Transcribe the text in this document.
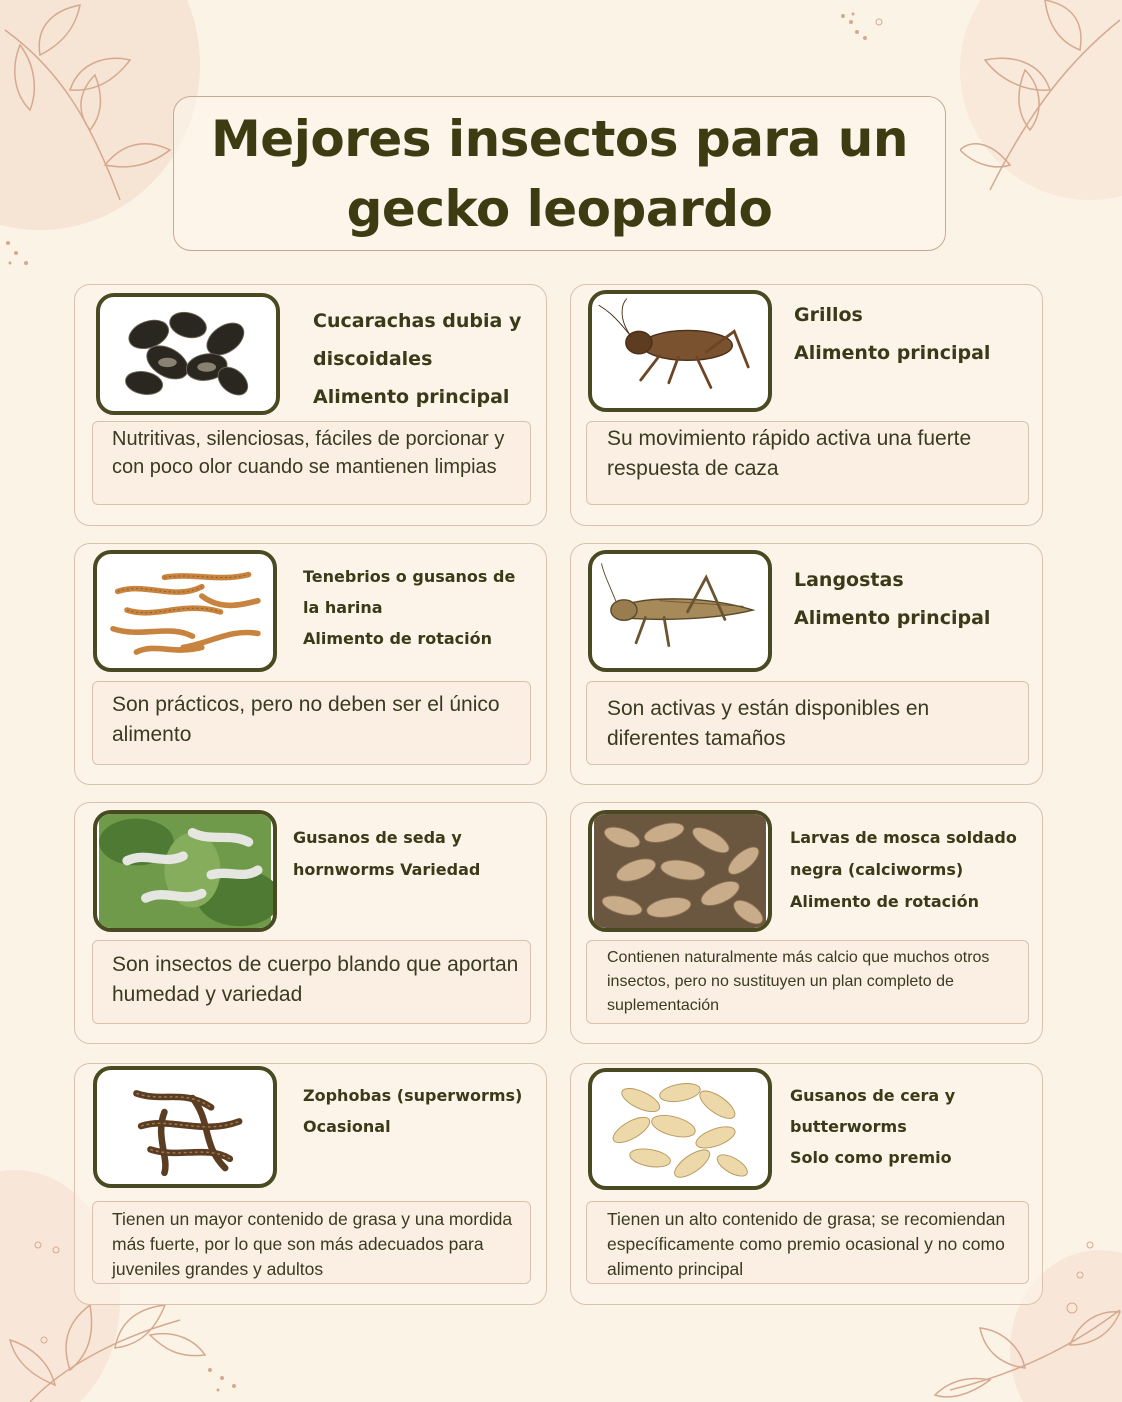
Mejores insectos para un gecko leopardo
Cucarachas dubia y
discoidales
Alimento principal
Nutritivas, silenciosas, fáciles de porcionar y con poco olor cuando se mantienen limpias
Grillos
Alimento principal
Su movimiento rápido activa una fuerte respuesta de caza
Tenebrios o gusanos de
la harina
Alimento de rotación
Son prácticos, pero no deben ser el único alimento
Langostas
Alimento principal
Son activas y están disponibles en diferentes tamaños
Gusanos de seda y
hornworms Variedad
Son insectos de cuerpo blando que aportan humedad y variedad
Larvas de mosca soldado
negra (calciworms)
Alimento de rotación
Contienen naturalmente más calcio que muchos otros insectos, pero no sustituyen un plan completo de suplementación
Zophobas (superworms)
Ocasional
Tienen un mayor contenido de grasa y una mordida más fuerte, por lo que son más adecuados para juveniles grandes y adultos
Gusanos de cera y
butterworms
Solo como premio
Tienen un alto contenido de grasa; se recomiendan específicamente como premio ocasional y no como alimento principal
